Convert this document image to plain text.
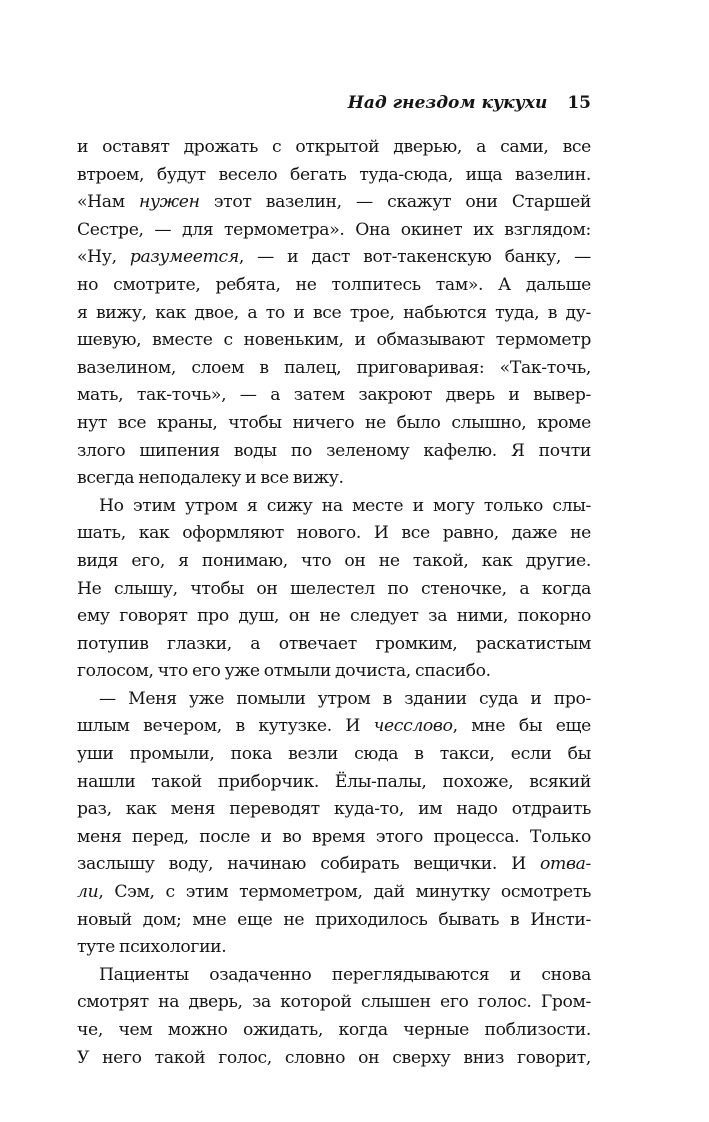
Над гнездом кукухи 15
и оставят дрожать с открытой дверью, а сами, все
втроем, будут весело бегать туда-сюда, ища вазелин.
«Нам нужен этот вазелин, — скажут они Старшей
Сестре, — для термометра». Она окинет их взглядом:
«Ну, разумеется, — и даст вот-такенскую банку, —
но смотрите, ребята, не толпитесь там». А дальше
я вижу, как двое, а то и все трое, набьются туда, в ду-
шевую, вместе с новеньким, и обмазывают термометр
вазелином, слоем в палец, приговаривая: «Так-точь,
мать, так-точь», — а затем закроют дверь и вывер-
нут все краны, чтобы ничего не было слышно, кроме
злого шипения воды по зеленому кафелю. Я почти
всегда неподалеку и все вижу.
Но этим утром я сижу на месте и могу только слы-
шать, как оформляют нового. И все равно, даже не
видя его, я понимаю, что он не такой, как другие.
Не слышу, чтобы он шелестел по стеночке, а когда
ему говорят про душ, он не следует за ними, покорно
потупив глазки, а отвечает громким, раскатистым
голосом, что его уже отмыли дочиста, спасибо.
— Меня уже помыли утром в здании суда и про-
шлым вечером, в кутузке. И чесслово, мне бы еще
уши промыли, пока везли сюда в такси, если бы
нашли такой приборчик. Ёлы-палы, похоже, всякий
раз, как меня переводят куда-то, им надо отдраить
меня перед, после и во время этого процесса. Только
заслышу воду, начинаю собирать вещички. И отва-
ли, Сэм, с этим термометром, дай минутку осмотреть
новый дом; мне еще не приходилось бывать в Инсти-
туте психологии.
Пациенты озадаченно переглядываются и снова
смотрят на дверь, за которой слышен его голос. Гром-
че, чем можно ожидать, когда черные поблизости.
У него такой голос, словно он сверху вниз говорит,
